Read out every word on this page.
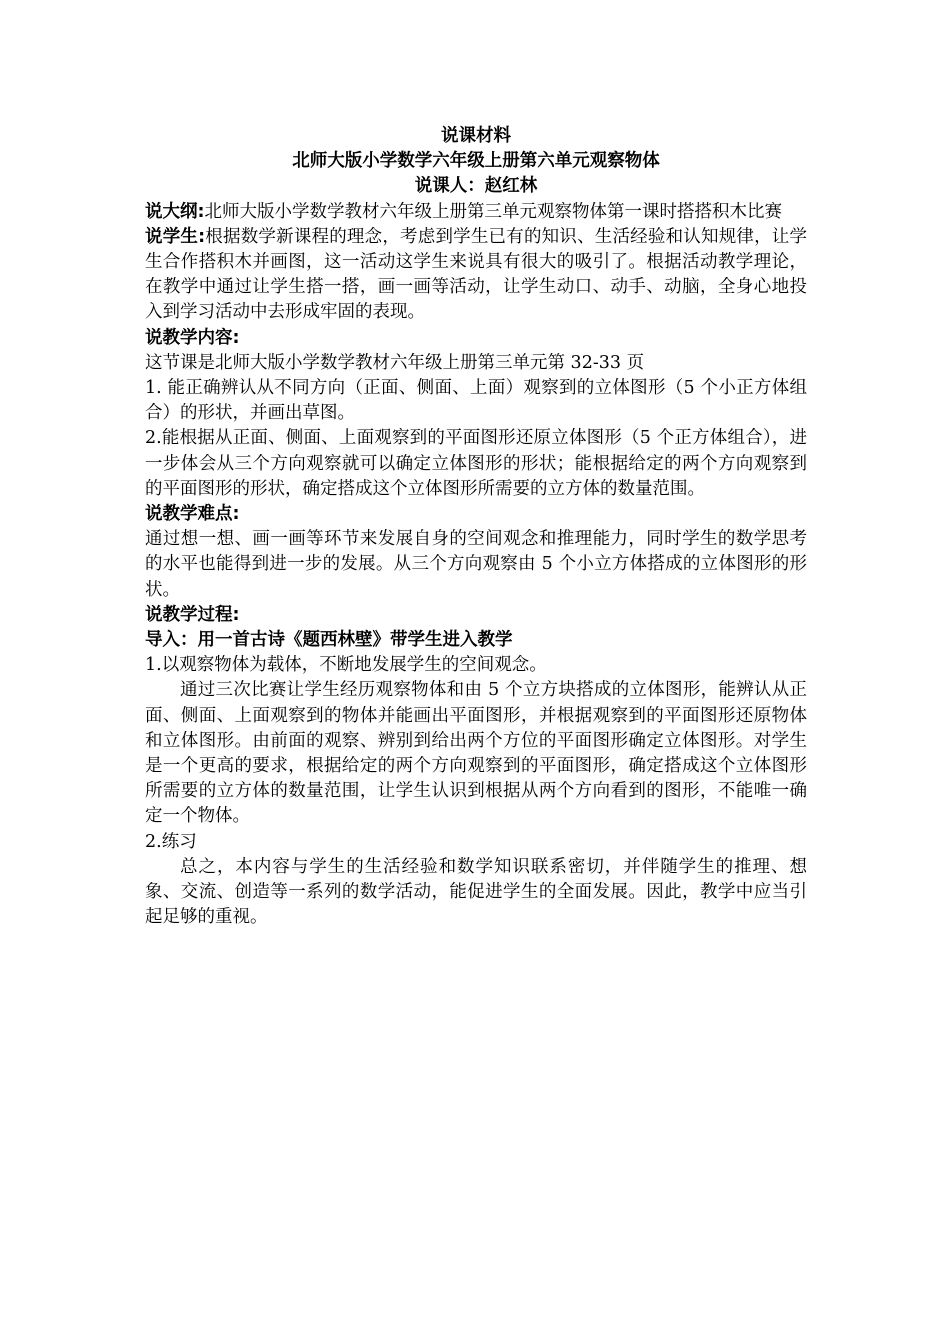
说课材料

北师大版小学数学六年级上册第六单元观察物体

说课人：赵红林

说大纲:北师大版小学数学教材六年级上册第三单元观察物体第一课时搭搭积木比赛

说学生:根据数学新课程的理念，考虑到学生已有的知识、生活经验和认知规律，让学生合作搭积木并画图，这一活动这学生来说具有很大的吸引了。根据活动教学理论，在教学中通过让学生搭一搭，画一画等活动，让学生动口、动手、动脑，全身心地投入到学习活动中去形成牢固的表现。

说教学内容:

这节课是北师大版小学数学教材六年级上册第三单元第 32-33 页

1. 能正确辨认从不同方向（正面、侧面、上面）观察到的立体图形（5 个小正方体组合）的形状，并画出草图。

2.能根据从正面、侧面、上面观察到的平面图形还原立体图形（5 个正方体组合），进一步体会从三个方向观察就可以确定立体图形的形状；能根据给定的两个方向观察到的平面图形的形状，确定搭成这个立体图形所需要的立方体的数量范围。

说教学难点:

通过想一想、画一画等环节来发展自身的空间观念和推理能力，同时学生的数学思考的水平也能得到进一步的发展。从三个方向观察由 5 个小立方体搭成的立体图形的形状。

说教学过程:

导入：用一首古诗《题西林壁》带学生进入教学

1.以观察物体为载体，不断地发展学生的空间观念。

通过三次比赛让学生经历观察物体和由 5 个立方块搭成的立体图形，能辨认从正面、侧面、上面观察到的物体并能画出平面图形，并根据观察到的平面图形还原物体和立体图形。由前面的观察、辨别到给出两个方位的平面图形确定立体图形。对学生是一个更高的要求，根据给定的两个方向观察到的平面图形，确定搭成这个立体图形所需要的立方体的数量范围，让学生认识到根据从两个方向看到的图形，不能唯一确定一个物体。

2.练习

总之，本内容与学生的生活经验和数学知识联系密切，并伴随学生的推理、想象、交流、创造等一系列的数学活动，能促进学生的全面发展。因此，教学中应当引起足够的重视。
